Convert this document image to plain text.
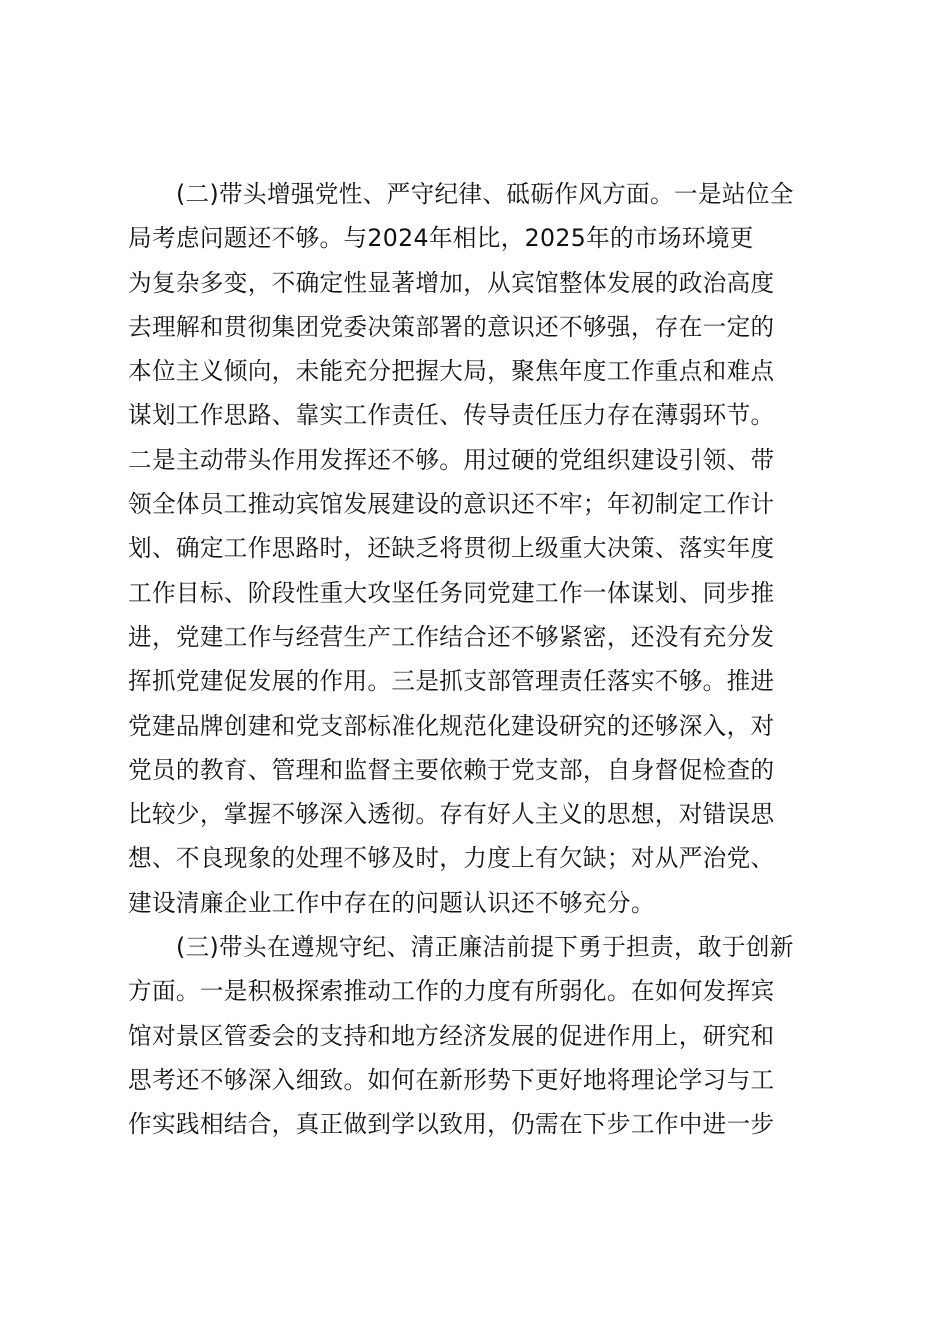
(二)带头增强党性、严守纪律、砥砺作风方面。一是站位全
局考虑问题还不够。与2024年相比，2025年的市场环境更
为复杂多变，不确定性显著增加，从宾馆整体发展的政治高度
去理解和贯彻集团党委决策部署的意识还不够强，存在一定的
本位主义倾向，未能充分把握大局，聚焦年度工作重点和难点
谋划工作思路、靠实工作责任、传导责任压力存在薄弱环节。
二是主动带头作用发挥还不够。用过硬的党组织建设引领、带
领全体员工推动宾馆发展建设的意识还不牢；年初制定工作计
划、确定工作思路时，还缺乏将贯彻上级重大决策、落实年度
工作目标、阶段性重大攻坚任务同党建工作一体谋划、同步推
进，党建工作与经营生产工作结合还不够紧密，还没有充分发
挥抓党建促发展的作用。三是抓支部管理责任落实不够。推进
党建品牌创建和党支部标准化规范化建设研究的还够深入，对
党员的教育、管理和监督主要依赖于党支部，自身督促检查的
比较少，掌握不够深入透彻。存有好人主义的思想，对错误思
想、不良现象的处理不够及时，力度上有欠缺；对从严治党、
建设清廉企业工作中存在的问题认识还不够充分。
(三)带头在遵规守纪、清正廉洁前提下勇于担责，敢于创新
方面。一是积极探索推动工作的力度有所弱化。在如何发挥宾
馆对景区管委会的支持和地方经济发展的促进作用上，研究和
思考还不够深入细致。如何在新形势下更好地将理论学习与工
作实践相结合，真正做到学以致用，仍需在下步工作中进一步
